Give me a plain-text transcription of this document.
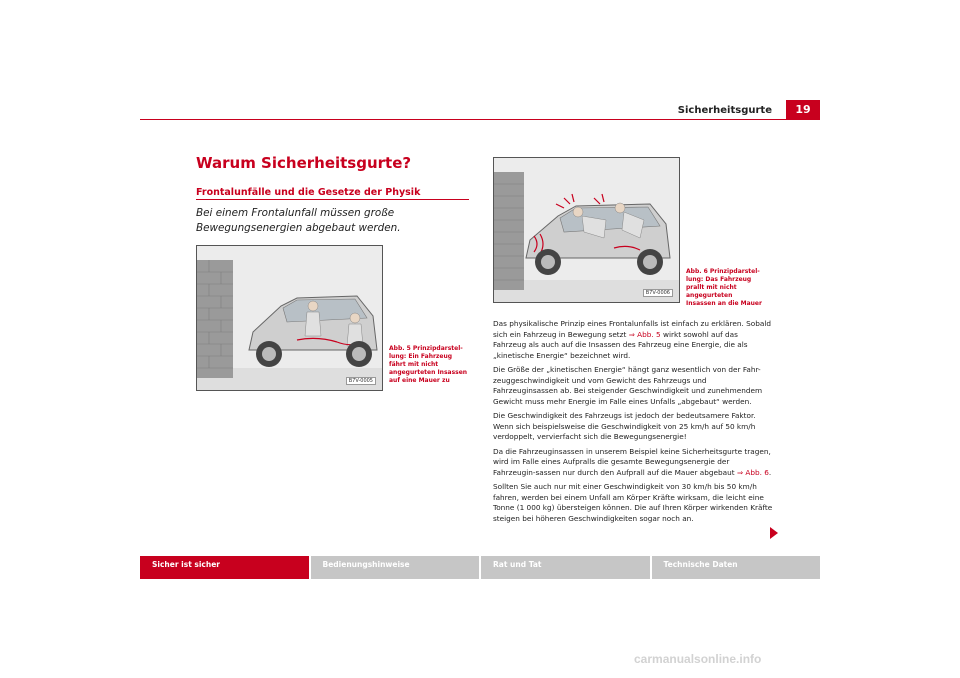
Sicherheitsgurte	19
Warum Sicherheitsgurte?
Frontalunfälle und die Gesetze der Physik
Bei einem Frontalunfall müssen große Bewegungsenergien abgebaut werden.
B7V-0005
Abb. 5 Prinzipdarstel-lung: Ein Fahrzeug fährt mit nicht angegurteten Insassen auf eine Mauer zu
B7V-0006
Abb. 6 Prinzipdarstel-lung: Das Fahrzeug prallt mit nicht angegurteten Insassen an die Mauer

Das physikalische Prinzip eines Frontalunfalls ist einfach zu erklären. Sobald sich ein Fahrzeug in Bewegung setzt ⇒ Abb. 5 wirkt sowohl auf das Fahrzeug als auch auf die Insassen des Fahrzeug eine Energie, die als „kinetische Energie“ bezeichnet wird.

Die Größe der „kinetischen Energie“ hängt ganz wesentlich von der Fahr-zeuggeschwindigkeit und vom Gewicht des Fahrzeugs und Fahrzeuginsassen ab. Bei steigender Geschwindigkeit und zunehmendem Gewicht muss mehr Energie im Falle eines Unfalls „abgebaut“ werden.

Die Geschwindigkeit des Fahrzeugs ist jedoch der bedeutsamere Faktor. Wenn sich beispielsweise die Geschwindigkeit von 25 km/h auf 50 km/h verdoppelt, vervierfacht sich die Bewegungsenergie!

Da die Fahrzeuginsassen in unserem Beispiel keine Sicherheitsgurte tragen, wird im Falle eines Aufpralls die gesamte Bewegungsenergie der Fahrzeugin-sassen nur durch den Aufprall auf die Mauer abgebaut ⇒ Abb. 6.

Sollten Sie auch nur mit einer Geschwindigkeit von 30 km/h bis 50 km/h fahren, werden bei einem Unfall am Körper Kräfte wirksam, die leicht eine Tonne (1 000 kg) übersteigen können. Die auf Ihren Körper wirkenden Kräfte steigen bei höheren Geschwindigkeiten sogar noch an.

Sicher ist sicher	Bedienungshinweise	Rat und Tat	Technische Daten
carmanualsonline.info
